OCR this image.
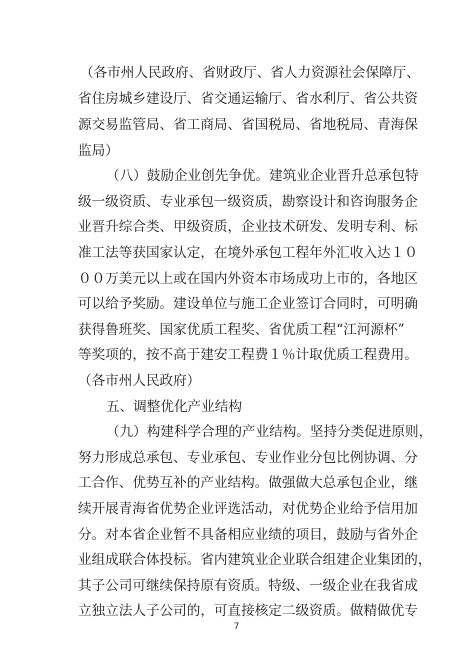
（各市州人民政府、省财政厅、省人力资源社会保障厅、
省住房城乡建设厅、省交通运输厅、省水利厅、省公共资
源交易监管局、省工商局、省国税局、省地税局、青海保
监局）
（八）鼓励企业创先争优。建筑业企业晋升总承包特
级一级资质、专业承包一级资质，勘察设计和咨询服务企
业晋升综合类、甲级资质，企业技术研发、发明专利、标
准工法等获国家认定，在境外承包工程年外汇收入达１０
００万美元以上或在国内外资本市场成功上市的，各地区
可以给予奖励。建设单位与施工企业签订合同时，可明确
获得鲁班奖、国家优质工程奖、省优质工程“江河源杯”
等奖项的，按不高于建安工程费１％计取优质工程费用。
（各市州人民政府）
五、调整优化产业结构
（九）构建科学合理的产业结构。坚持分类促进原则，
努力形成总承包、专业承包、专业作业分包比例协调、分
工合作、优势互补的产业结构。做强做大总承包企业，继
续开展青海省优势企业评选活动，对优势企业给予信用加
分。对本省企业暂不具备相应业绩的项目，鼓励与省外企
业组成联合体投标。省内建筑业企业联合组建企业集团的，
其子公司可继续保持原有资质。特级、一级企业在我省成
立独立法人子公司的，可直接核定二级资质。做精做优专
7
